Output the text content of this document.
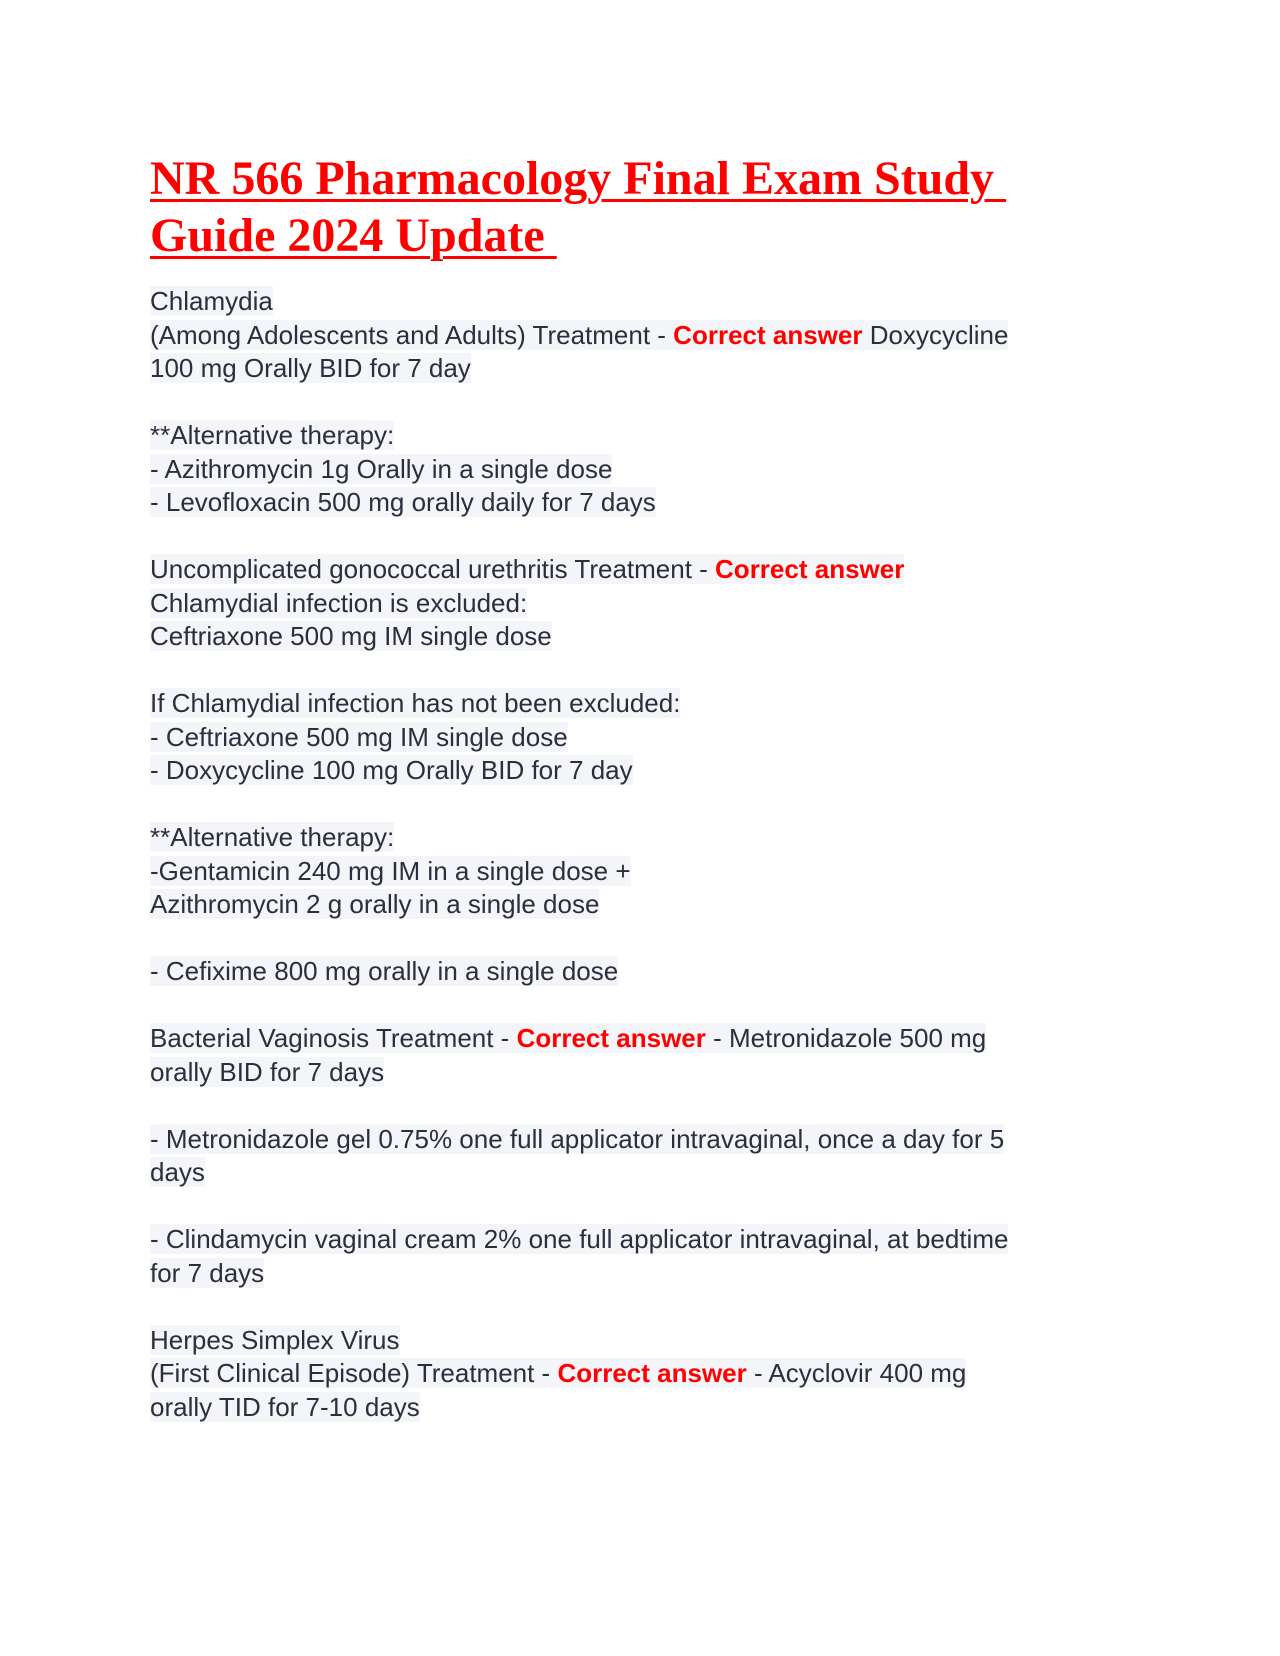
NR 566 Pharmacology Final Exam Study
Guide 2024 Update
Chlamydia
(Among Adolescents and Adults) Treatment - Correct answer Doxycycline
100 mg Orally BID for 7 day
**Alternative therapy:
- Azithromycin 1g Orally in a single dose
- Levofloxacin 500 mg orally daily for 7 days
Uncomplicated gonococcal urethritis Treatment - Correct answer
Chlamydial infection is excluded:
Ceftriaxone 500 mg IM single dose
If Chlamydial infection has not been excluded:
- Ceftriaxone 500 mg IM single dose
- Doxycycline 100 mg Orally BID for 7 day
**Alternative therapy:
-Gentamicin 240 mg IM in a single dose +
Azithromycin 2 g orally in a single dose
- Cefixime 800 mg orally in a single dose
Bacterial Vaginosis Treatment - Correct answer - Metronidazole 500 mg
orally BID for 7 days
- Metronidazole gel 0.75% one full applicator intravaginal, once a day for 5
days
- Clindamycin vaginal cream 2% one full applicator intravaginal, at bedtime
for 7 days
Herpes Simplex Virus
(First Clinical Episode) Treatment - Correct answer - Acyclovir 400 mg
orally TID for 7-10 days
